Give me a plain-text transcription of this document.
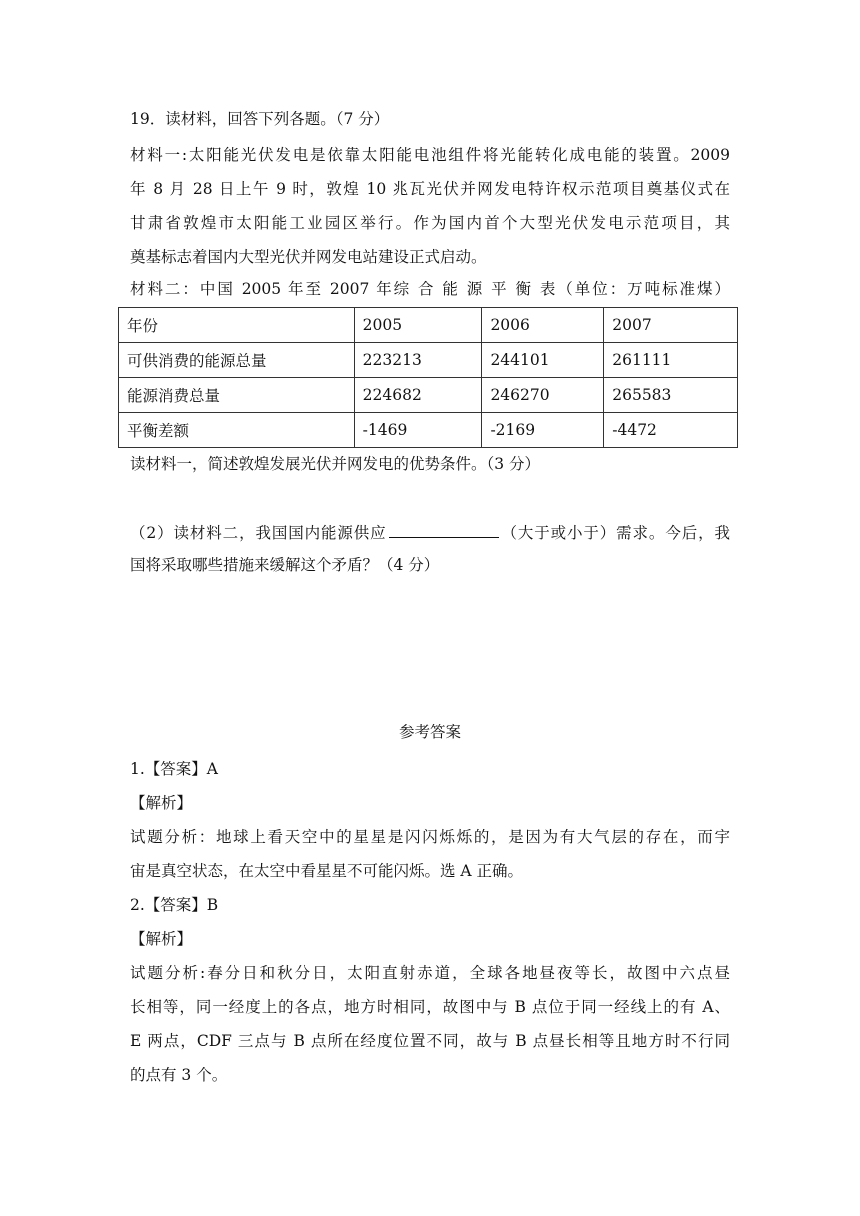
19．读材料，回答下列各题。（7 分）
材料一:太阳能光伏发电是依靠太阳能电池组件将光能转化成电能的装置。2009
年 8 月 28 日上午 9 时，敦煌 10 兆瓦光伏并网发电特许权示范项目奠基仪式在
甘肃省敦煌市太阳能工业园区举行。作为国内首个大型光伏发电示范项目，其
奠基标志着国内大型光伏并网发电站建设正式启动。
材料二：中国 2005 年至 2007 年综 合 能 源 平 衡 表（单位：万吨标准煤）
年份	2005	2006	2007
可供消费的能源总量	223213	244101	261111
能源消费总量	224682	246270	265583
平衡差额	-1469	-2169	-4472
读材料一，简述敦煌发展光伏并网发电的优势条件。（3 分）
（2）读材料二，我国国内能源供应	（大于或小于）需求。今后，我
国将采取哪些措施来缓解这个矛盾？（4 分）
参考答案
1.【答案】A
【解析】
试题分析：地球上看天空中的星星是闪闪烁烁的，是因为有大气层的存在，而宇
宙是真空状态，在太空中看星星不可能闪烁。选 A 正确。
2.【答案】B
【解析】
试题分析:春分日和秋分日，太阳直射赤道，全球各地昼夜等长，故图中六点昼
长相等，同一经度上的各点，地方时相同，故图中与 B 点位于同一经线上的有 A、
E 两点，CDF 三点与 B 点所在经度位置不同，故与 B 点昼长相等且地方时不行同
的点有 3 个。
